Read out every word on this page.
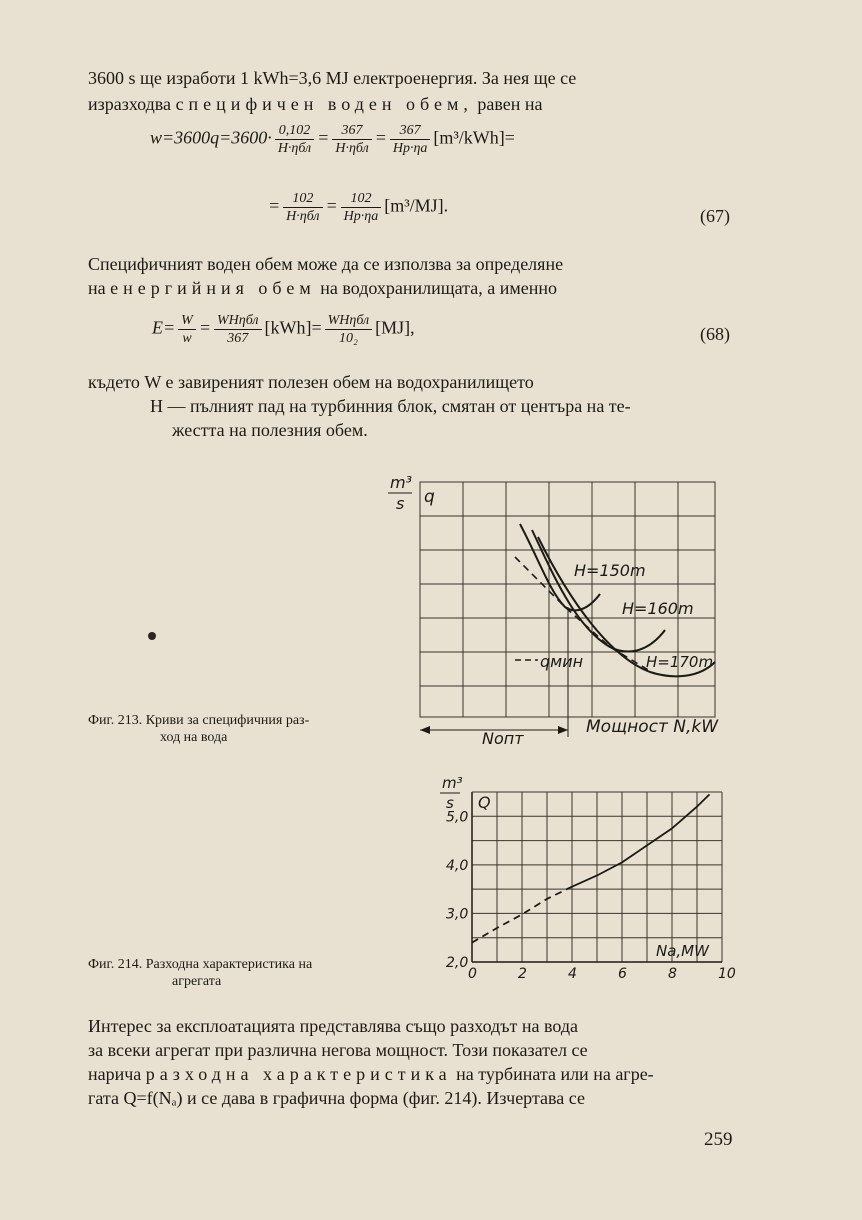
3600 s ще изработи 1 kWh=3,6 MJ електроенергия. За нея ще се
изразходва специфичен воден обем, равен на
$w=3600q=3600\cdot \frac{0,102}{\text{H·ηбл}} = \frac{367}{\text{H·ηбл}} = \frac{367}{Hр\cdot\eta а} [m^3/kWh]=$
= $\frac{102}{\text{H·ηбл}} = \frac{102}{Hр\cdot\eta а} [m^3/MJ]$.
(67)
Специфичният воден обем може да се използва за определяне
на енергийния обем на водохранилищата, а именно
$E= \frac{W}{w} = \frac{\text{WHηбл}}{367} [kWh]= \frac{\text{WHηбл}}{\text{10₂}} [MJ]$,	(68)
където W е завиреният полезен обем на водохранилището
H — пълният пад на турбинния блок, смятан от центъра на те-
жестта на полезния обем.
m³
s q
H=150m
H=160m
H=170m
qмин
Nопт
Мощност N,kW
Фиг. 213. Криви за специфичния раз-
ход на вода
0	2	4	6	8	10
2,0
3,0
4,0
5,0
m³
s Q
Nа,MW
Фиг. 214. Разходна характеристика на
агрегата
Интерес за експлоатацията представлява също разходът на вода
за всеки агрегат при различна негова мощност. Този показател се
нарича разходна характеристика на турбината или на агре-
гата Q=f(Nₐ) и се дава в графична форма (фиг. 214). Изчертава се
259
